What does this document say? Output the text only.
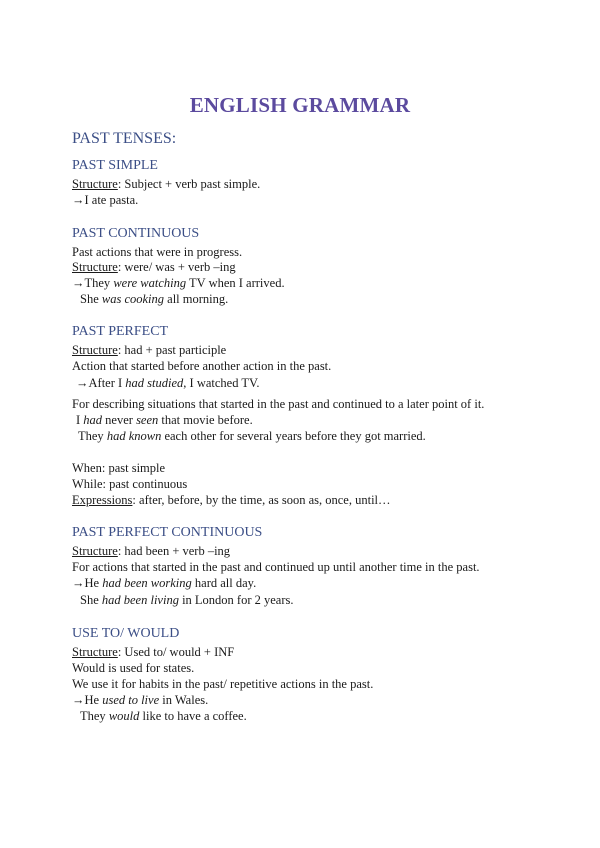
ENGLISH GRAMMAR
PAST TENSES:
PAST SIMPLE
Structure: Subject + verb past simple.
→I ate pasta.
PAST CONTINUOUS
Past actions that were in progress.
Structure: were/ was + verb –ing
→They were watching TV when I arrived.
She was cooking all morning.
PAST PERFECT
Structure: had + past participle
Action that started before another action in the past.
→After I had studied, I watched TV.
For describing situations that started in the past and continued to a later point of it.
I had never seen that movie before.
They had known each other for several years before they got married.
When: past simple
While: past continuous
Expressions: after, before, by the time, as soon as, once, until…
PAST PERFECT CONTINUOUS
Structure: had been + verb –ing
For actions that started in the past and continued up until another time in the past.
→He had been working hard all day.
She had been living in London for 2 years.
USE TO/ WOULD
Structure: Used to/ would + INF
Would is used for states.
We use it for habits in the past/ repetitive actions in the past.
→He used to live in Wales.
They would like to have a coffee.
